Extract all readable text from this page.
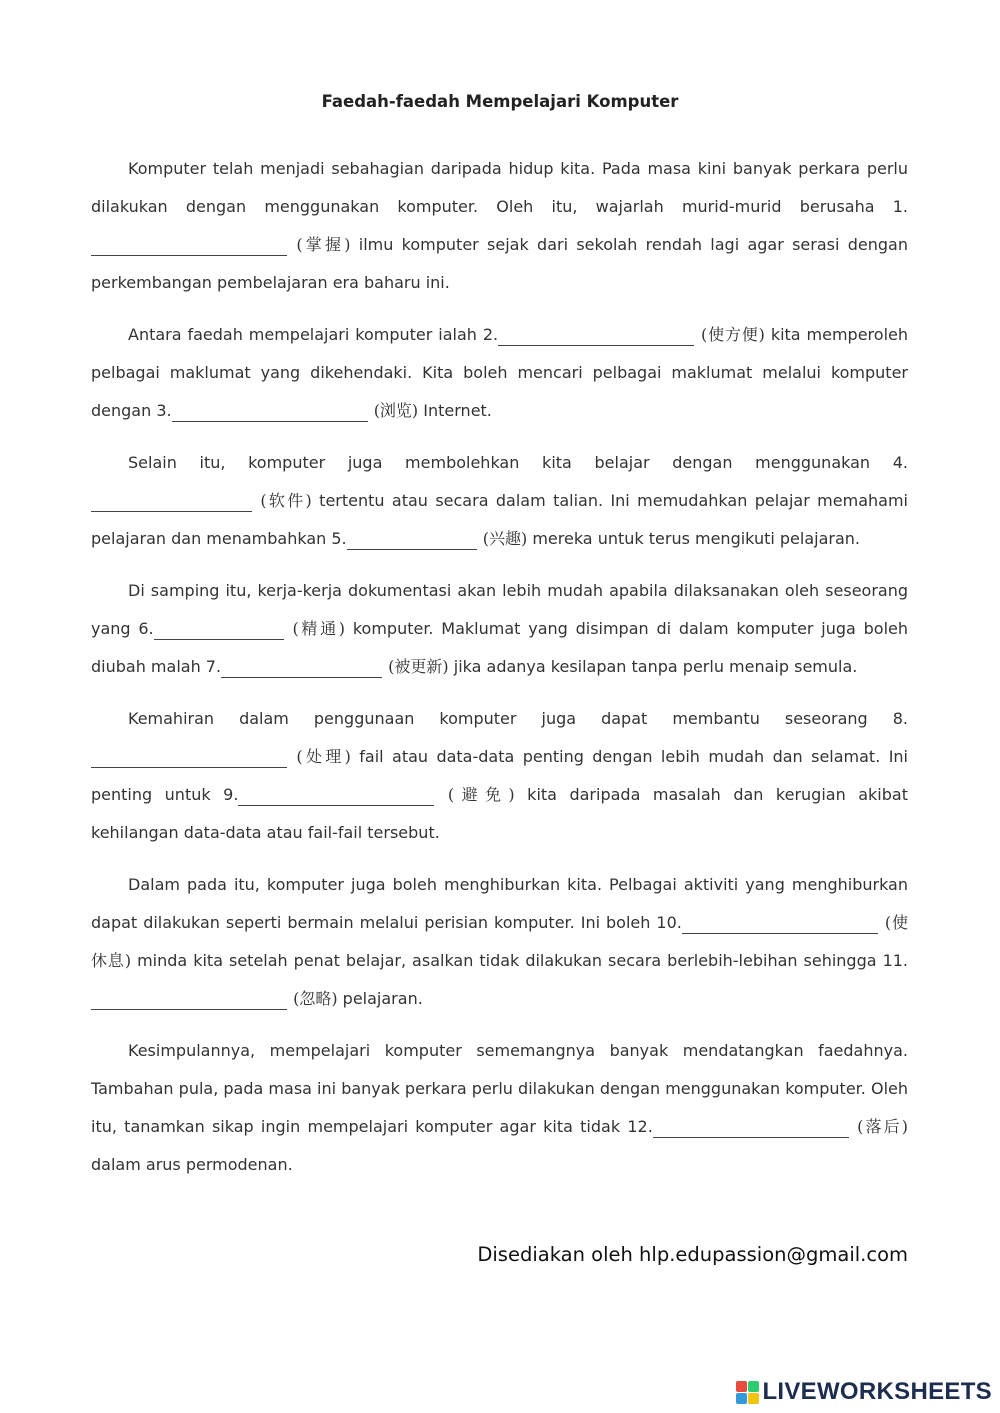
Faedah-faedah Mempelajari Komputer

Komputer telah menjadi sebahagian daripada hidup kita. Pada masa kini banyak perkara perlu dilakukan dengan menggunakan komputer. Oleh itu, wajarlah murid-murid berusaha 1. (掌握) ilmu komputer sejak dari sekolah rendah lagi agar serasi dengan perkembangan pembelajaran era baharu ini.

Antara faedah mempelajari komputer ialah 2.	(使方便) kita memperoleh pelbagai maklumat yang dikehendaki. Kita boleh mencari pelbagai maklumat melalui komputer dengan 3.	(浏览) Internet.

Selain itu, komputer juga membolehkan kita belajar dengan menggunakan 4. (软件) tertentu atau secara dalam talian. Ini memudahkan pelajar memahami pelajaran dan menambahkan 5.	(兴趣) mereka untuk terus mengikuti pelajaran.

Di samping itu, kerja-kerja dokumentasi akan lebih mudah apabila dilaksanakan oleh seseorang yang 6.	(精通) komputer. Maklumat yang disimpan di dalam komputer juga boleh diubah malah 7.	(被更新) jika adanya kesilapan tanpa perlu menaip semula.

Kemahiran dalam penggunaan komputer juga dapat membantu seseorang 8. (处理) fail atau data-data penting dengan lebih mudah dan selamat. Ini penting untuk 9.	(避免) kita daripada masalah dan kerugian akibat kehilangan data-data atau fail-fail tersebut.

Dalam pada itu, komputer juga boleh menghiburkan kita. Pelbagai aktiviti yang menghiburkan dapat dilakukan seperti bermain melalui perisian komputer. Ini boleh 10.	(使休息) minda kita setelah penat belajar, asalkan tidak dilakukan secara berlebih-lebihan sehingga 11. (忽略) pelajaran.

Kesimpulannya, mempelajari komputer sememangnya banyak mendatangkan faedahnya. Tambahan pula, pada masa ini banyak perkara perlu dilakukan dengan menggunakan komputer. Oleh itu, tanamkan sikap ingin mempelajari komputer agar kita tidak 12.	(落后) dalam arus permodenan.

Disediakan oleh hlp.edupassion@gmail.com

LIVEWORKSHEETS
